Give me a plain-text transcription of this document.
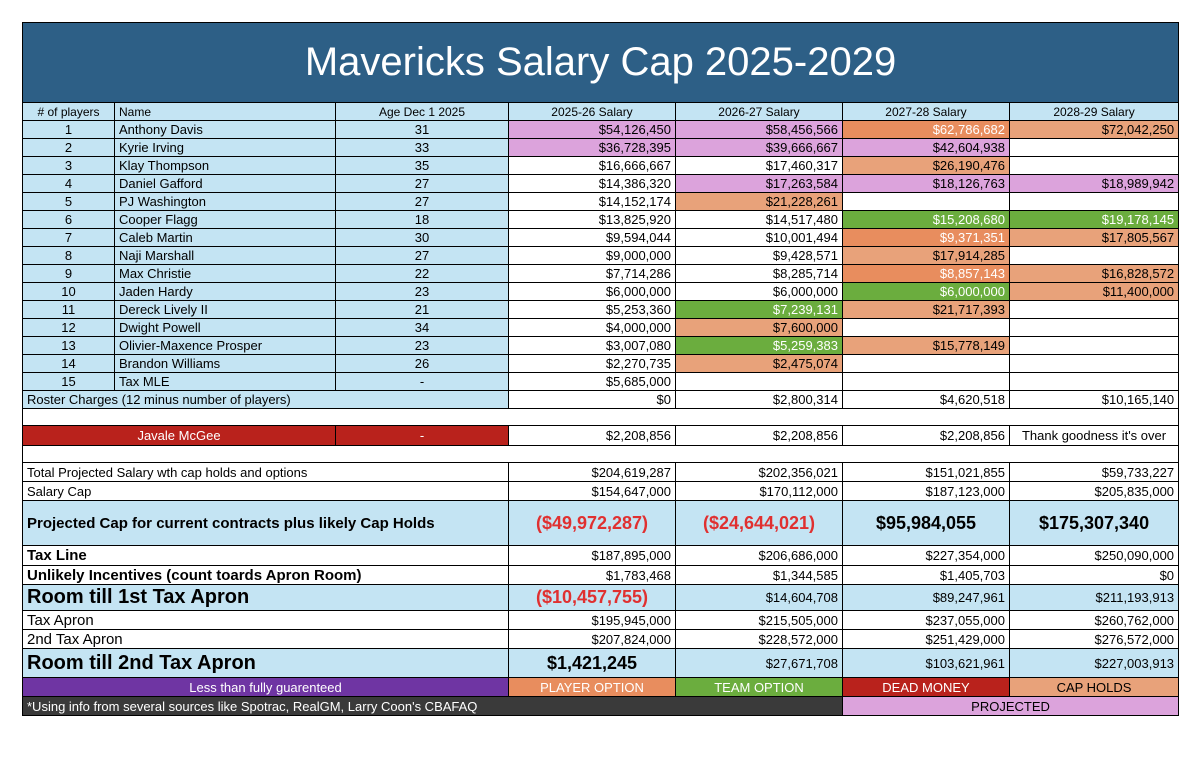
Mavericks Salary Cap 2025-2029						
# of players	Name	Age Dec 1 2025	2025-26 Salary	2026-27 Salary	2027-28 Salary	2028-29 Salary
1	Anthony Davis	31	$54,126,450	$58,456,566	$62,786,682	$72,042,250
2	Kyrie Irving	33	$36,728,395	$39,666,667	$42,604,938	
3	Klay Thompson	35	$16,666,667	$17,460,317	$26,190,476	
4	Daniel Gafford	27	$14,386,320	$17,263,584	$18,126,763	$18,989,942
5	PJ Washington	27	$14,152,174	$21,228,261		
6	Cooper Flagg	18	$13,825,920	$14,517,480	$15,208,680	$19,178,145
7	Caleb Martin	30	$9,594,044	$10,001,494	$9,371,351	$17,805,567
8	Naji Marshall	27	$9,000,000	$9,428,571	$17,914,285	
9	Max Christie	22	$7,714,286	$8,285,714	$8,857,143	$16,828,572
10	Jaden Hardy	23	$6,000,000	$6,000,000	$6,000,000	$11,400,000
11	Dereck Lively II	21	$5,253,360	$7,239,131	$21,717,393	
12	Dwight Powell	34	$4,000,000	$7,600,000		
13	Olivier-Maxence Prosper	23	$3,007,080	$5,259,383	$15,778,149	
14	Brandon Williams	26	$2,270,735	$2,475,074		
15	Tax MLE	-	$5,685,000			
Roster Charges (12 minus number of players)			$0	$2,800,314	$4,620,518	$10,165,140

Javale McGee		-	$2,208,856	$2,208,856	$2,208,856	Thank goodness it's over

Total Projected Salary wth cap holds and options			$204,619,287	$202,356,021	$151,021,855	$59,733,227
Salary Cap			$154,647,000	$170,112,000	$187,123,000	$205,835,000
Projected Cap for current contracts plus likely Cap Holds			($49,972,287)	($24,644,021)	$95,984,055	$175,307,340
Tax Line			$187,895,000	$206,686,000	$227,354,000	$250,090,000
Unlikely Incentives (count toards Apron Room)			$1,783,468	$1,344,585	$1,405,703	$0
Room till 1st Tax Apron			($10,457,755)	$14,604,708	$89,247,961	$211,193,913
Tax Apron			$195,945,000	$215,505,000	$237,055,000	$260,762,000
2nd Tax Apron			$207,824,000	$228,572,000	$251,429,000	$276,572,000
Room till 2nd Tax Apron			$1,421,245	$27,671,708	$103,621,961	$227,003,913
Less than fully guarenteed			PLAYER OPTION	TEAM OPTION	DEAD MONEY	CAP HOLDS
*Using info from several sources like Spotrac, RealGM, Larry Coon's CBAFAQ					PROJECTED	
